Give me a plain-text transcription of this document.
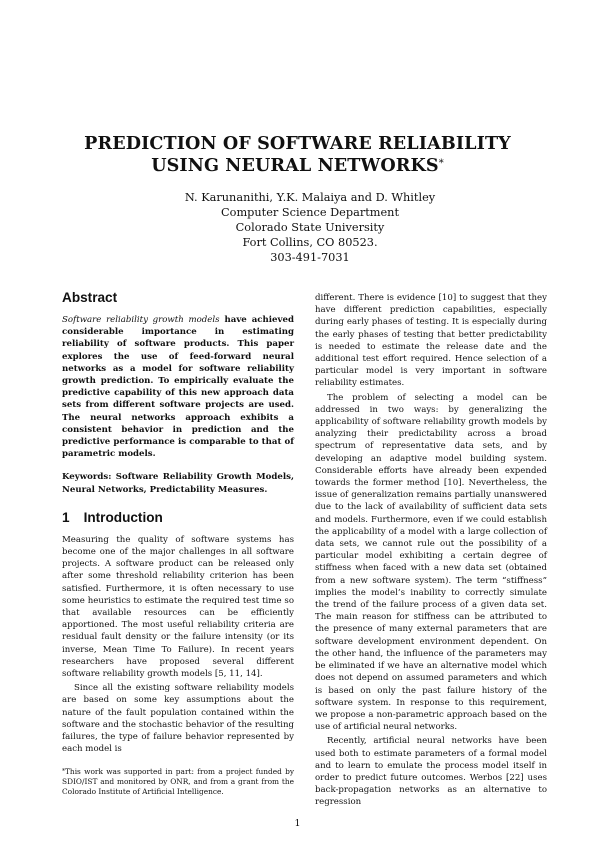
PREDICTION OF SOFTWARE RELIABILITY
USING NEURAL NETWORKS*
N. Karunanithi, Y.K. Malaiya and D. Whitley
Computer Science Department
Colorado State University
Fort Collins, CO 80523.
303-491-7031
Abstract

Software reliability growth models have achieved considerable importance in estimating reliability of software products. This paper explores the use of feed-forward neural networks as a model for software reliability growth prediction. To empirically evaluate the predictive capability of this new approach data sets from different software projects are used. The neural networks approach exhibits a consistent behavior in prediction and the predictive performance is comparable to that of parametric models.

Keywords: Software Reliability Growth Models, Neural Networks, Predictability Measures.

1 Introduction

Measuring the quality of software systems has become one of the major challenges in all software projects. A software product can be released only after some threshold reliability criterion has been satisfied. Furthermore, it is often necessary to use some heuristics to estimate the required test time so that available resources can be efficiently apportioned. The most useful reliability criteria are residual fault density or the failure intensity (or its inverse, Mean Time To Failure). In recent years researchers have proposed several different software reliability growth models [5, 11, 14].

Since all the existing software reliability models are based on some key assumptions about the nature of the fault population contained within the software and the stochastic behavior of the resulting failures, the type of failure behavior represented by each model is

different. There is evidence [10] to suggest that they have different prediction capabilities, especially during early phases of testing. It is especially during the early phases of testing that better predictability is needed to estimate the release date and the additional test effort required. Hence selection of a particular model is very important in software reliability estimates.

The problem of selecting a model can be addressed in two ways: by generalizing the applicability of software reliability growth models by analyzing their predictability across a broad spectrum of representative data sets, and by developing an adaptive model building system. Considerable efforts have already been expended towards the former method [10]. Nevertheless, the issue of generalization remains partially unanswered due to the lack of availability of sufficient data sets and models. Furthermore, even if we could establish the applicability of a model with a large collection of data sets, we cannot rule out the possibility of a particular model exhibiting a certain degree of stiffness when faced with a new data set (obtained from a new software system). The term “stiffness” implies the model’s inability to correctly simulate the trend of the failure process of a given data set. The main reason for stiffness can be attributed to the presence of many external parameters that are software development environment dependent. On the other hand, the influence of the parameters may be eliminated if we have an alternative model which does not depend on assumed parameters and which is based on only the past failure history of the software system. In response to this requirement, we propose a non-parametric approach based on the use of artificial neural networks.

Recently, artificial neural networks have been used both to estimate parameters of a formal model and to learn to emulate the process model itself in order to predict future outcomes. Werbos [22] uses back-propagation networks as an alternative to regression

*This work was supported in part: from a project funded by SDIO/IST and monitored by ONR, and from a grant from the Colorado Institute of Artificial Intelligence.
1
